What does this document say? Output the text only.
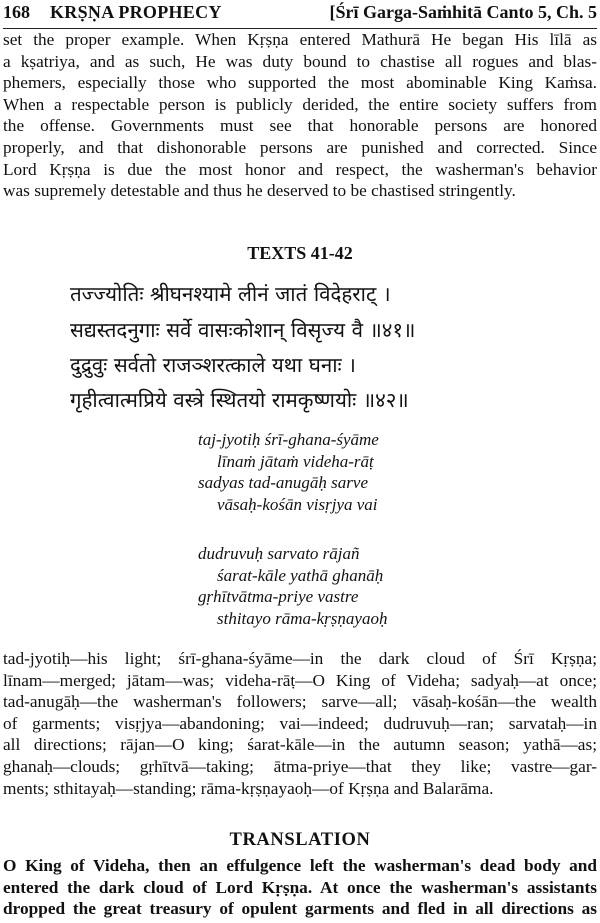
168 KRṢṆA PROPHECY	[Śrī Garga-Saṁhitā Canto 5, Ch. 5
set the proper example. When Kṛṣṇa entered Mathurā He began His līlā as
a kṣatriya, and as such, He was duty bound to chastise all rogues and blas-
phemers, especially those who supported the most abominable King Kaṁsa.
When a respectable person is publicly derided, the entire society suffers from
the offense. Governments must see that honorable persons are honored
properly, and that dishonorable persons are punished and corrected. Since
Lord Kṛṣṇa is due the most honor and respect, the washerman's behavior
was supremely detestable and thus he deserved to be chastised stringently.
TEXTS 41-42
तज्ज्योतिः श्रीघनश्यामे लीनं जातं विदेहराट् ।
सद्यस्तदनुगाः सर्वे वासःकोशान् विसृज्य वै ॥४१॥
दुद्रुवुः सर्वतो राजञ्शरत्काले यथा घनाः ।
गृहीत्वात्मप्रिये वस्त्रे स्थितयो रामकृष्णयोः ॥४२॥
taj-jyotiḥ śrī-ghana-śyāme
līnaṁ jātaṁ videha-rāṭ
sadyas tad-anugāḥ sarve
vāsaḥ-kośān visṛjya vai
dudruvuḥ sarvato rājañ
śarat-kāle yathā ghanāḥ
gṛhītvātma-priye vastre
sthitayo rāma-kṛṣṇayaoḥ
tad-jyotiḥ—his light; śrī-ghana-śyāme—in the dark cloud of Śrī Kṛṣṇa;
līnam—merged; jātam—was; videha-rāṭ—O King of Videha; sadyaḥ—at once;
tad-anugāḥ—the washerman's followers; sarve—all; vāsaḥ-kośān—the wealth
of garments; visṛjya—abandoning; vai—indeed; dudruvuḥ—ran; sarvataḥ—in
all directions; rājan—O king; śarat-kāle—in the autumn season; yathā—as;
ghanaḥ—clouds; gṛhītvā—taking; ātma-priye—that they like; vastre—gar-
ments; sthitayaḥ—standing; rāma-kṛṣṇayaoḥ—of Kṛṣṇa and Balarāma.
TRANSLATION
O King of Videha, then an effulgence left the washerman's dead body and
entered the dark cloud of Lord Kṛṣṇa. At once the washerman's assistants
dropped the great treasury of opulent garments and fled in all directions as
